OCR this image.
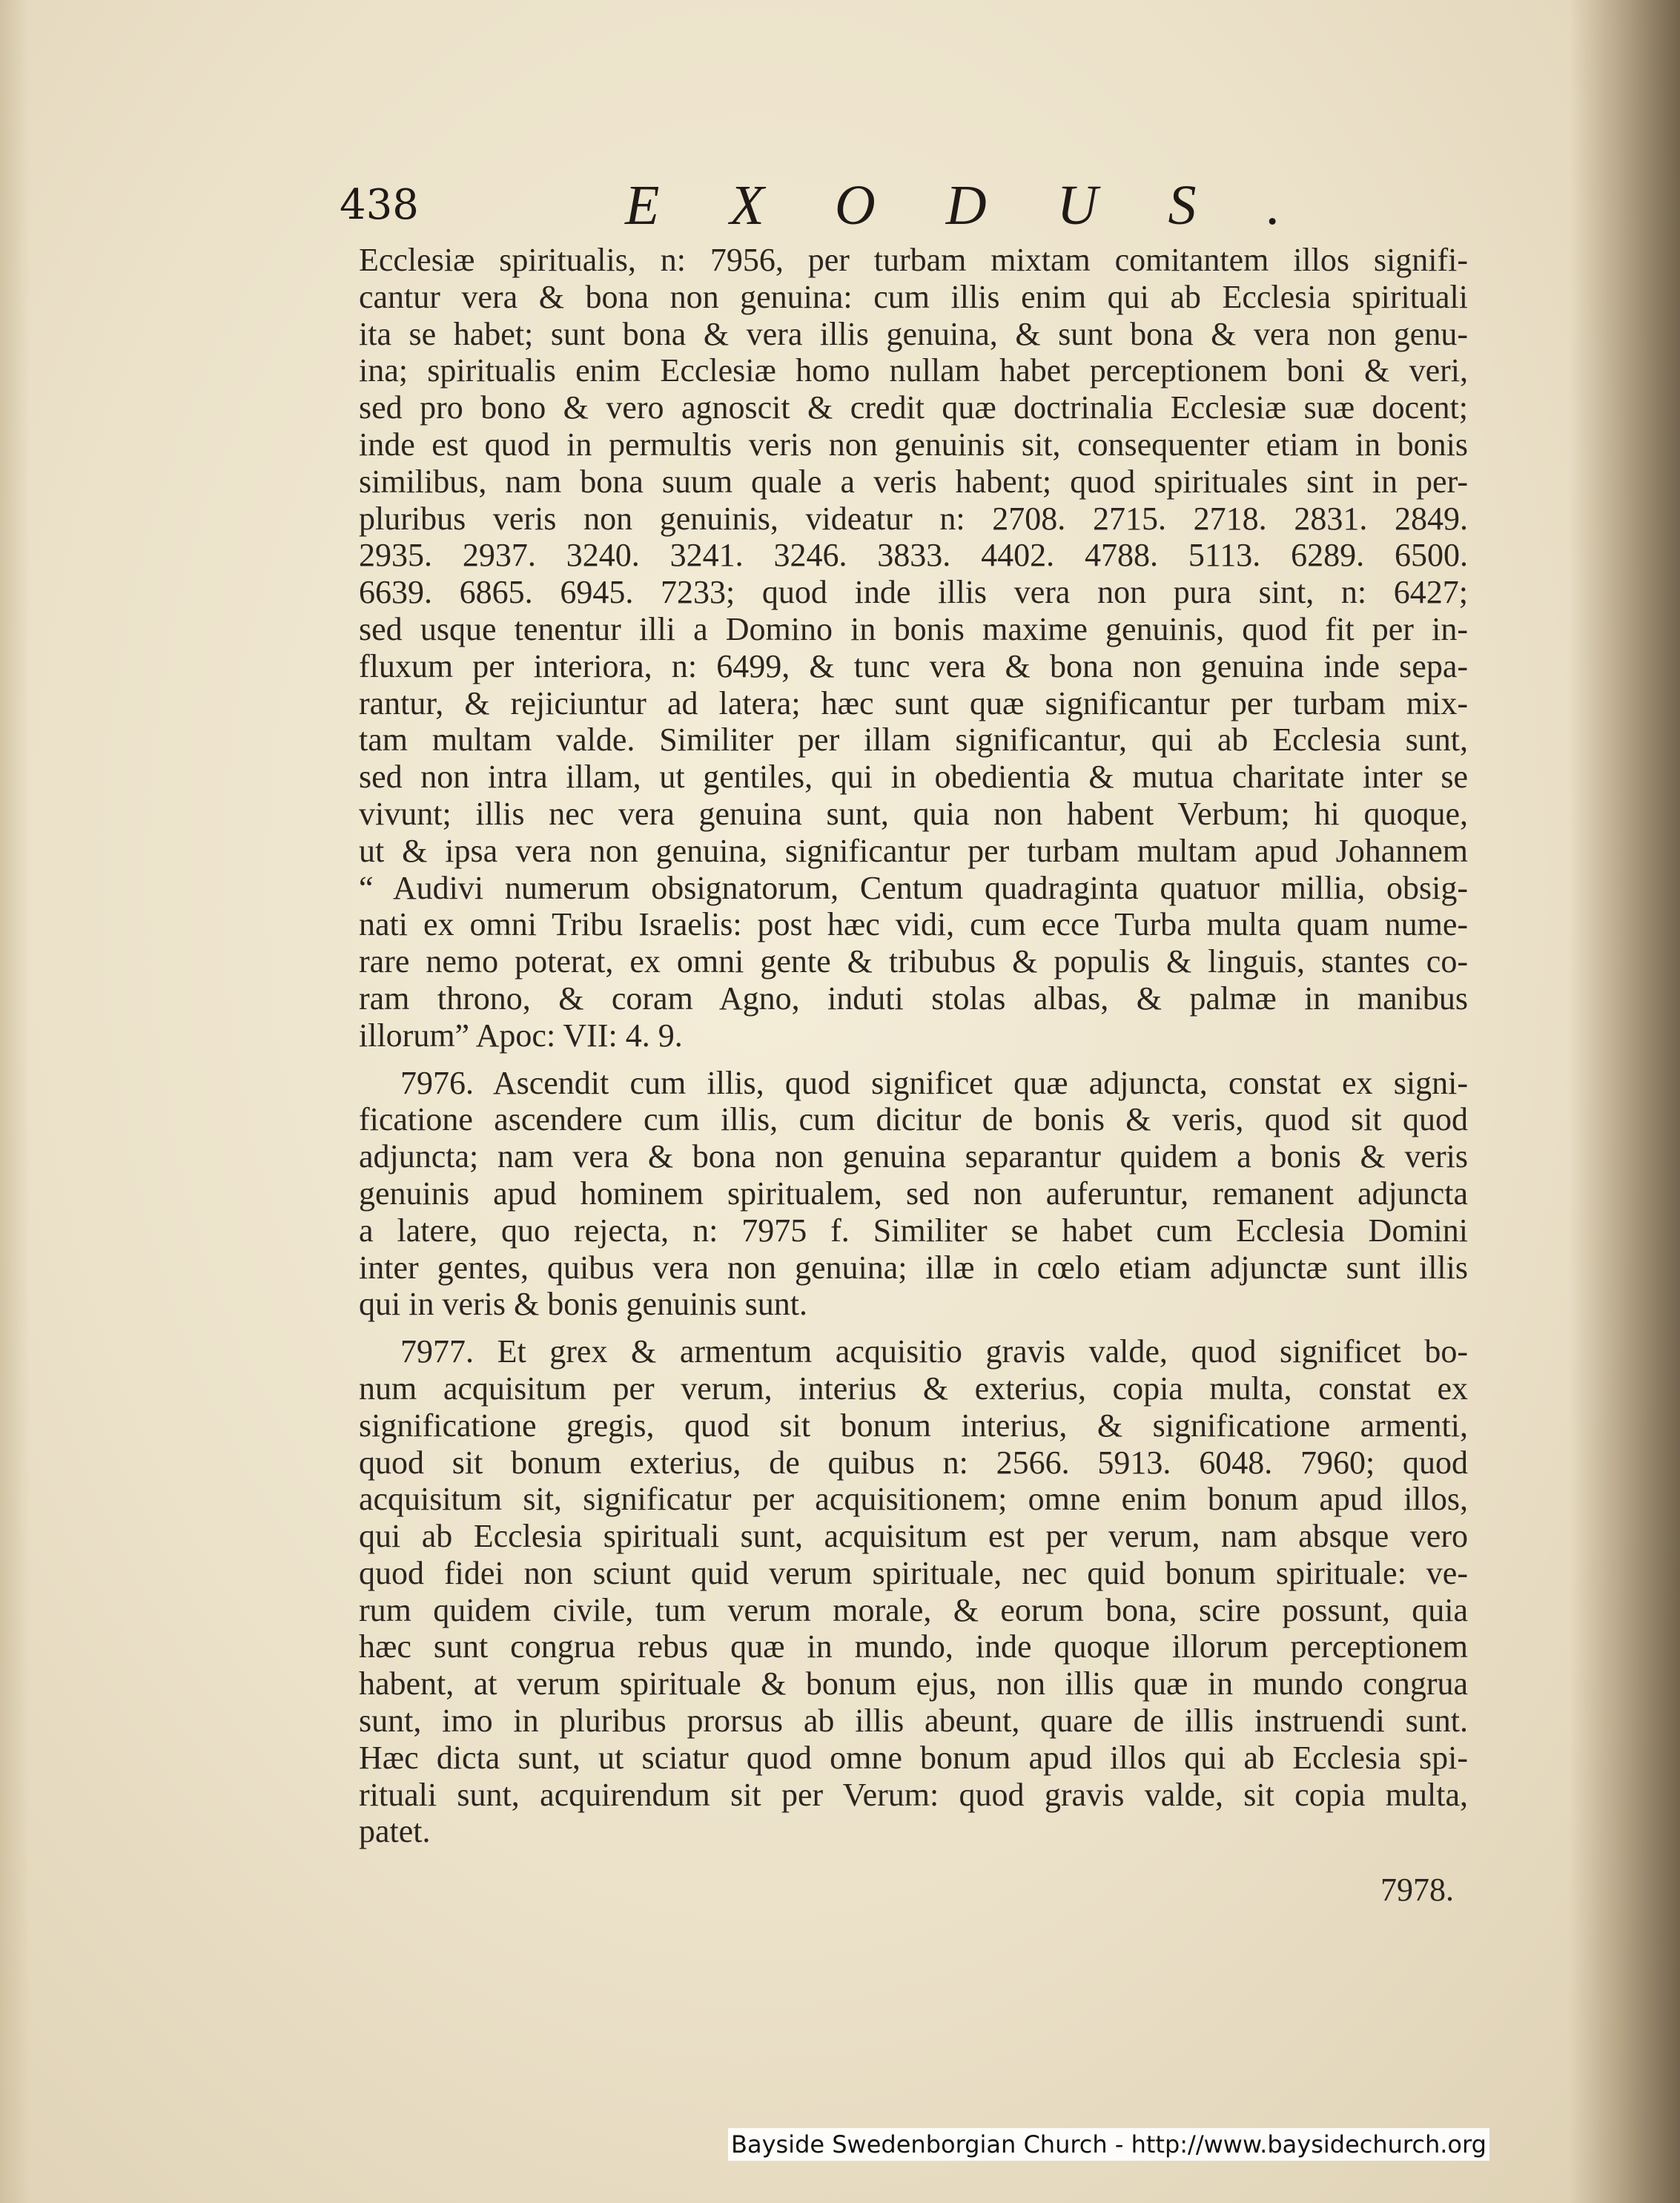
438	EXODUS.
Ecclesiæ spiritualis, n: 7956, per turbam mixtam comitantem illos signifi-
cantur vera & bona non genuina: cum illis enim qui ab Ecclesia spirituali
ita se habet; sunt bona & vera illis genuina, & sunt bona & vera non genu-
ina; spiritualis enim Ecclesiæ homo nullam habet perceptionem boni & veri,
sed pro bono & vero agnoscit & credit quæ doctrinalia Ecclesiæ suæ docent;
inde est quod in permultis veris non genuinis sit, consequenter etiam in bonis
similibus, nam bona suum quale a veris habent; quod spirituales sint in per-
pluribus veris non genuinis, videatur n: 2708. 2715. 2718. 2831. 2849.
2935. 2937. 3240. 3241. 3246. 3833. 4402. 4788. 5113. 6289. 6500.
6639. 6865. 6945. 7233; quod inde illis vera non pura sint, n: 6427;
sed usque tenentur illi a Domino in bonis maxime genuinis, quod fit per in-
fluxum per interiora, n: 6499, & tunc vera & bona non genuina inde sepa-
rantur, & rejiciuntur ad latera; hæc sunt quæ significantur per turbam mix-
tam multam valde. Similiter per illam significantur, qui ab Ecclesia sunt,
sed non intra illam, ut gentiles, qui in obedientia & mutua charitate inter se
vivunt; illis nec vera genuina sunt, quia non habent Verbum; hi quoque,
ut & ipsa vera non genuina, significantur per turbam multam apud Johannem
“ Audivi numerum obsignatorum, Centum quadraginta quatuor millia, obsig-
nati ex omni Tribu Israelis: post hæc vidi, cum ecce Turba multa quam nume-
rare nemo poterat, ex omni gente & tribubus & populis & linguis, stantes co-
ram throno, & coram Agno, induti stolas albas, & palmæ in manibus
illorum” Apoc: VII: 4. 9.
7976. Ascendit cum illis, quod significet quæ adjuncta, constat ex signi-
ficatione ascendere cum illis, cum dicitur de bonis & veris, quod sit quod
adjuncta; nam vera & bona non genuina separantur quidem a bonis & veris
genuinis apud hominem spiritualem, sed non auferuntur, remanent adjuncta
a latere, quo rejecta, n: 7975 f. Similiter se habet cum Ecclesia Domini
inter gentes, quibus vera non genuina; illæ in cœlo etiam adjunctæ sunt illis
qui in veris & bonis genuinis sunt.
7977. Et grex & armentum acquisitio gravis valde, quod significet bo-
num acquisitum per verum, interius & exterius, copia multa, constat ex
significatione gregis, quod sit bonum interius, & significatione armenti,
quod sit bonum exterius, de quibus n: 2566. 5913. 6048. 7960; quod
acquisitum sit, significatur per acquisitionem; omne enim bonum apud illos,
qui ab Ecclesia spirituali sunt, acquisitum est per verum, nam absque vero
quod fidei non sciunt quid verum spirituale, nec quid bonum spirituale: ve-
rum quidem civile, tum verum morale, & eorum bona, scire possunt, quia
hæc sunt congrua rebus quæ in mundo, inde quoque illorum perceptionem
habent, at verum spirituale & bonum ejus, non illis quæ in mundo congrua
sunt, imo in pluribus prorsus ab illis abeunt, quare de illis instruendi sunt.
Hæc dicta sunt, ut sciatur quod omne bonum apud illos qui ab Ecclesia spi-
rituali sunt, acquirendum sit per Verum: quod gravis valde, sit copia multa,
patet.
7978.
Bayside Swedenborgian Church - http://www.baysidechurch.org
